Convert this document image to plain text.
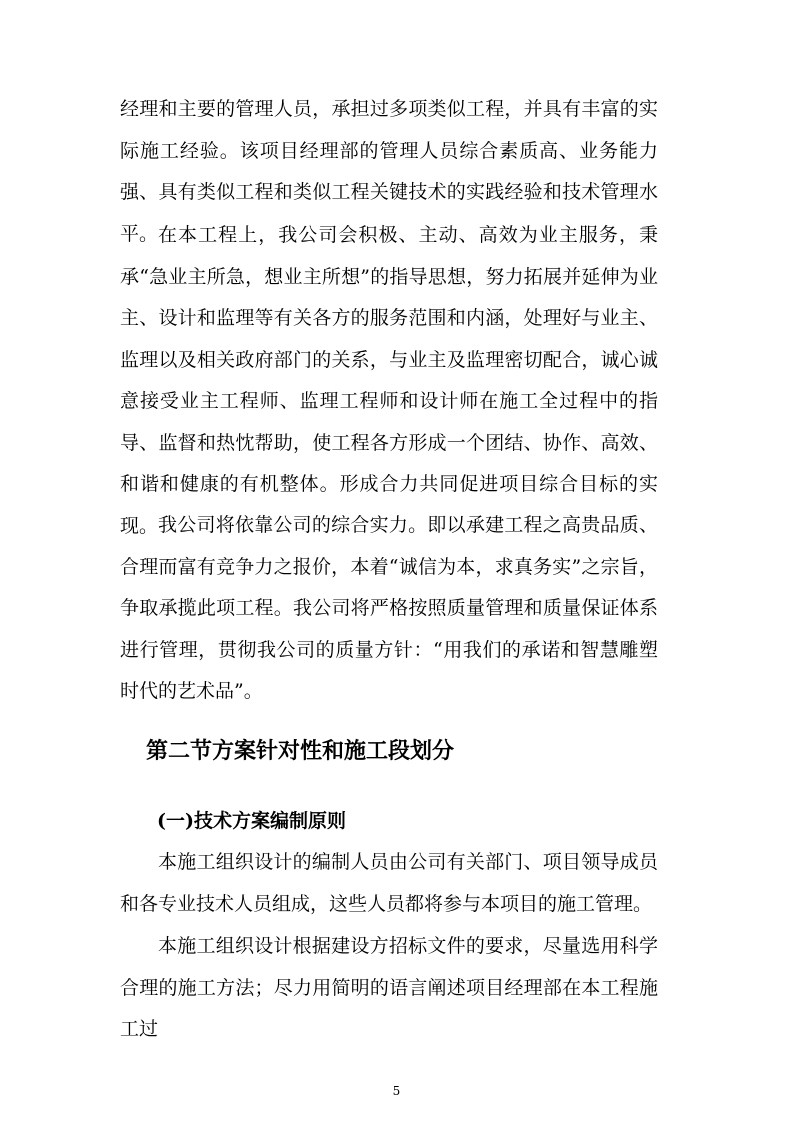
经理和主要的管理人员，承担过多项类似工程，并具有丰富的实际施工经验。该项目经理部的管理人员综合素质高、业务能力强、具有类似工程和类似工程关键技术的实践经验和技术管理水平。 在本工程上，我公司会积极、主动、高效为业主服务，秉承“急业主所急，想业主所想”的指导思想，努力拓展并延伸为业主、设计和监理等有关各方的服务范围和内涵，处理好与业主、监理以及相关政府部门的关系，与业主及监理密切配合，诚心诚意接受业主工程师、监理工程师和设计师在施工全过程中的指导、监督和热忱帮助，使工程各方形成一个团结、协作、高效、和谐和健康的有机整体。形成合力共同促进项目综合目标的实现。 我公司将依靠公司的综合实力。即以承建工程之高贵品质、合理而富有竞争力之报价，本着“诚信为本，求真务实”之宗旨，争取承揽此项工程。我公司将严格按照质量管理和质量保证体系进行管理，贯彻我公司的质量方针：“用我们的承诺和智慧雕塑时代的艺术品”。

第二节方案针对性和施工段划分
(一)技术方案编制原则

本施工组织设计的编制人员由公司有关部门、项目领导成员和各专业技术人员组成，这些人员都将参与本项目的施工管理。

本施工组织设计根据建设方招标文件的要求，尽量选用科学合理的施工方法；尽力用简明的语言阐述项目经理部在本工程施工过

5
